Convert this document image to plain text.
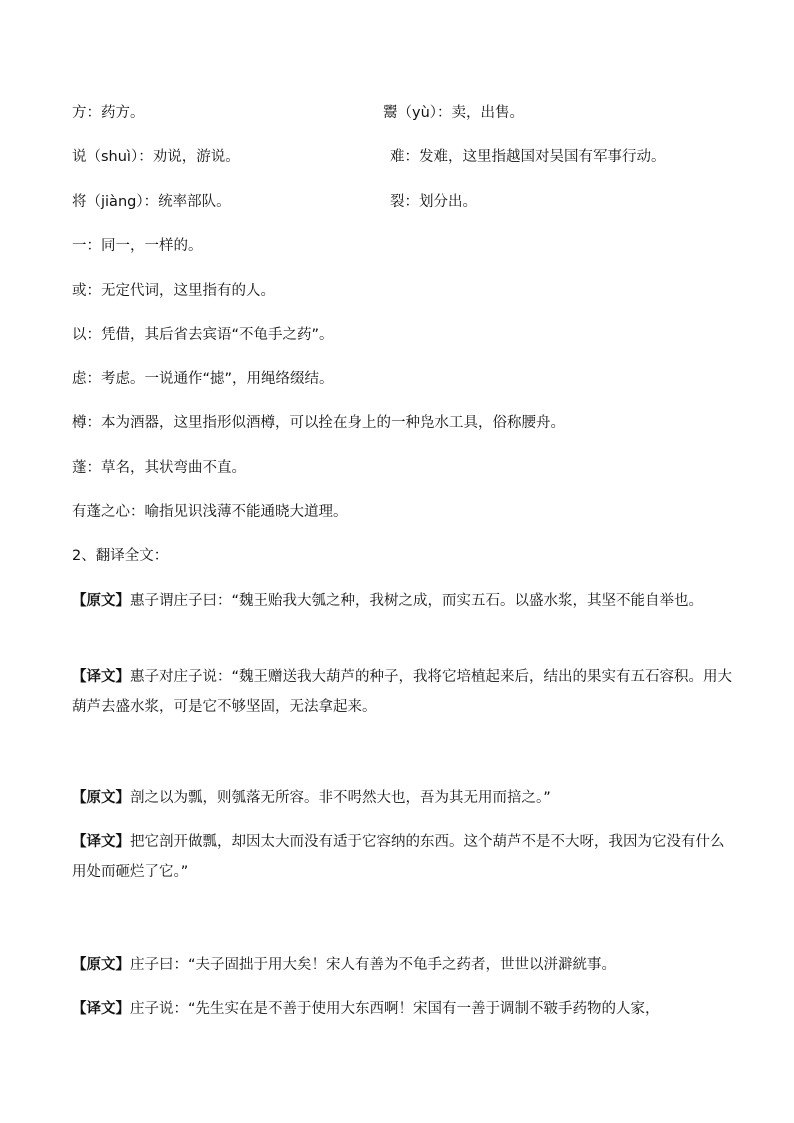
方：药方。	鬻（yù）：卖，出售。
说（shuì）：劝说，游说。	难：发难，这里指越国对吴国有军事行动。
将（jiàng）：统率部队。	裂：划分出。
一：同一，一样的。
或：无定代词，这里指有的人。
以：凭借，其后省去宾语“不龟手之药”。
虑：考虑。一说通作“摅”，用绳络缀结。
樽：本为酒器，这里指形似酒樽，可以拴在身上的一种凫水工具，俗称腰舟。
蓬：草名，其状弯曲不直。
有蓬之心：喻指见识浅薄不能通晓大道理。
2、翻译全文：
【原文】惠子谓庄子曰：“魏王贻我大瓠之种，我树之成，而实五石。以盛水浆，其坚不能自举也。
【译文】惠子对庄子说：“魏王赠送我大葫芦的种子，我将它培植起来后，结出的果实有五石容积。用大葫芦去盛水浆，可是它不够坚固，无法拿起来。
【原文】剖之以为瓢，则瓠落无所容。非不呺然大也，吾为其无用而掊之。”
【译文】把它剖开做瓢，却因太大而没有适于它容纳的东西。这个葫芦不是不大呀，我因为它没有什么用处而砸烂了它。”
【原文】庄子曰：“夫子固拙于用大矣！宋人有善为不龟手之药者，世世以洴澼絖事。
【译文】庄子说：“先生实在是不善于使用大东西啊！宋国有一善于调制不皲手药物的人家，
